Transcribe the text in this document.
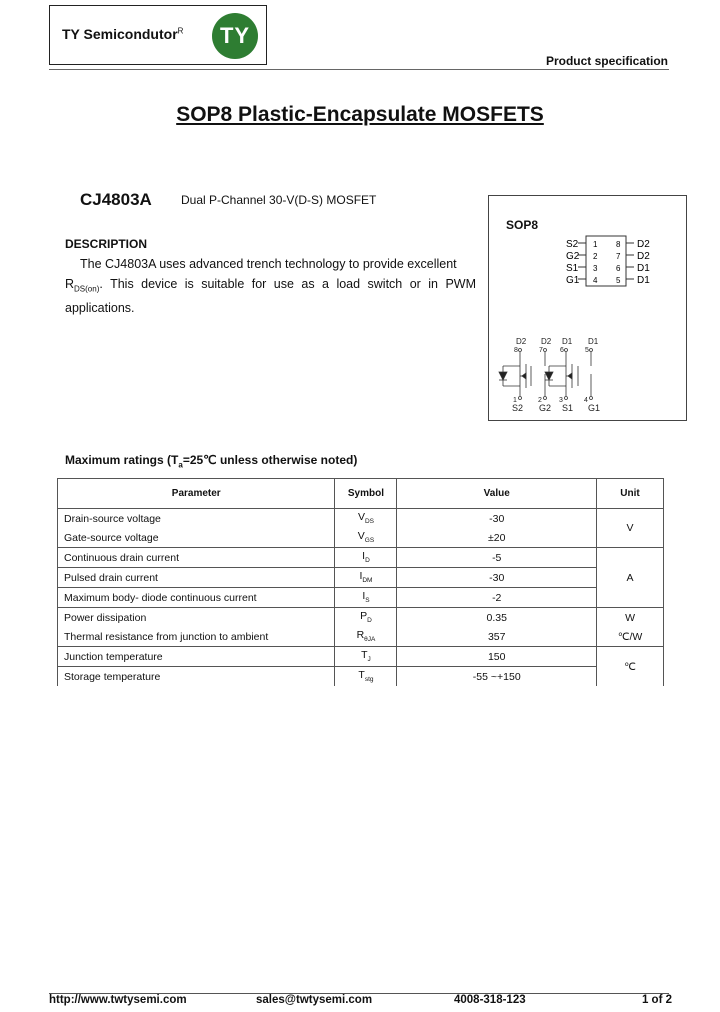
TY Semicondutor$^R$	TY
Product specification
SOP8 Plastic-Encapsulate MOSFETS
CJ4803A Dual P-Channel 30-V(D-S) MOSFET
DESCRIPTION
The CJ4803A uses advanced trench technology to provide excellent
$R_{DS(on)}$. This device is suitable for use as a load switch or in PWM
applications.
SOP8
S2
G2
S1
G1
1
2
3
4
8
7
6
5
D2
D2
D1
D1
D2 D2 D1 D1
8	7 6	5
1	2 3	4
S2 G2 S1 G1
Maximum ratings ($T_a=25℃$ unless otherwise noted)
Parameter	Symbol	Value	Unit
Drain-source voltage	$V_{DS}$	-30	V
Gate-source voltage	$V_{GS}$	±20	
Continuous drain current	$I_D$	-5	A
Pulsed drain current	$I_{DM}$	-30	
Maximum body- diode continuous current	$I_S$	-2	
Power dissipation	$P_D$	0.35	W
Thermal resistance from junction to ambient	$R_{\theta JA}$	357	℃/W
Junction temperature	$T_J$	150	℃
Storage temperature	$T_{stg}$	-55 ~+150	
http://www.twtysemi.com	sales@twtysemi.com	4008-318-123	1 of 2
